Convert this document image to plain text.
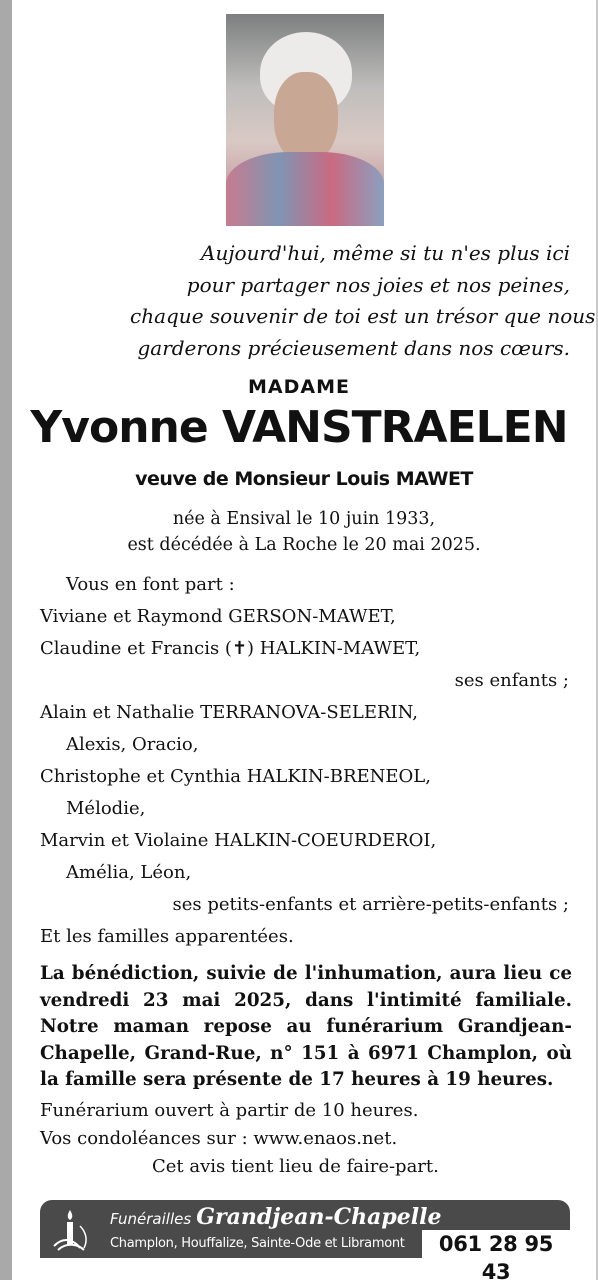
Aujourd'hui, même si tu n'es plus ici
pour partager nos joies et nos peines,
chaque souvenir de toi est un trésor que nous
garderons précieusement dans nos cœurs.
MADAME
Yvonne VANSTRAELEN
veuve de Monsieur Louis MAWET
née à Ensival le 10 juin 1933,
est décédée à La Roche le 20 mai 2025.
Vous en font part :
Viviane et Raymond GERSON-MAWET,
Claudine et Francis (✝) HALKIN-MAWET,
ses enfants ;
Alain et Nathalie TERRANOVA-SELERIN,
Alexis, Oracio,
Christophe et Cynthia HALKIN-BRENEOL,
Mélodie,
Marvin et Violaine HALKIN-COEURDEROI,
Amélia, Léon,
ses petits-enfants et arrière-petits-enfants ;
Et les familles apparentées.
La bénédiction, suivie de l'inhumation, aura lieu ce vendredi 23 mai 2025, dans l'intimité familiale. Notre maman repose au funérarium Grandjean-Chapelle, Grand-Rue, n° 151 à 6971 Champlon, où la famille sera présente de 17 heures à 19 heures.
Funérarium ouvert à partir de 10 heures.
Vos condoléances sur : www.enaos.net.
Cet avis tient lieu de faire-part.
Funérailles Grandjean-Chapelle
Champlon, Houffalize, Sainte-Ode et Libramont	061 28 95 43
